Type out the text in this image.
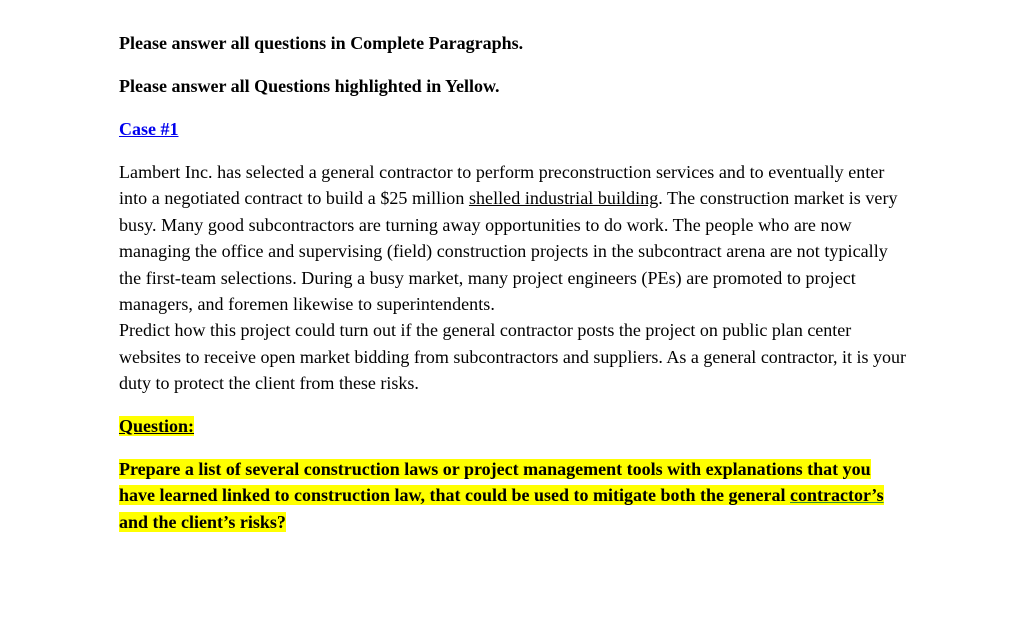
Please answer all questions in Complete Paragraphs.

Please answer all Questions highlighted in Yellow.

Case #1

Lambert Inc. has selected a general contractor to perform preconstruction services and to eventually enter into a negotiated contract to build a $25 million shelled industrial building. The construction market is very busy. Many good subcontractors are turning away opportunities to do work. The people who are now managing the office and supervising (field) construction projects in the subcontract arena are not typically the first-team selections. During a busy market, many project engineers (PEs) are promoted to project managers, and foremen likewise to superintendents.

Predict how this project could turn out if the general contractor posts the project on public plan center websites to receive open market bidding from subcontractors and suppliers. As a general contractor, it is your duty to protect the client from these risks.

Question:

Prepare a list of several construction laws or project management tools with explanations that you have learned linked to construction law, that could be used to mitigate both the general contractor’s and the client’s risks?
